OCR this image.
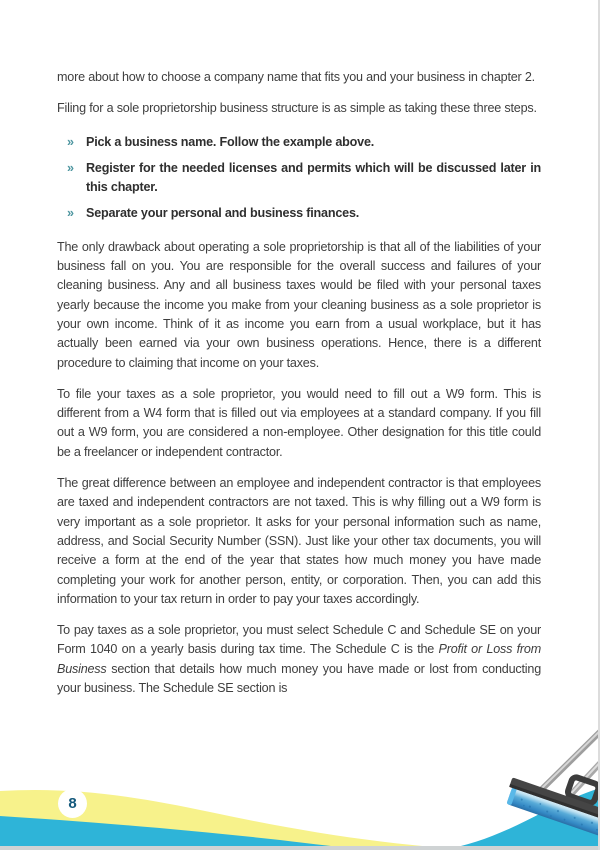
more about how to choose a company name that fits you and your business in chapter 2.

Filing for a sole proprietorship business structure is as simple as taking these three steps.

» Pick a business name. Follow the example above.
» Register for the needed licenses and permits which will be discussed later in this chapter.
» Separate your personal and business finances.

The only drawback about operating a sole proprietorship is that all of the liabilities of your business fall on you. You are responsible for the overall success and failures of your cleaning business. Any and all business taxes would be filed with your personal taxes yearly because the income you make from your cleaning business as a sole proprietor is your own income. Think of it as income you earn from a usual workplace, but it has actually been earned via your own business operations. Hence, there is a different procedure to claiming that income on your taxes.

To file your taxes as a sole proprietor, you would need to fill out a W9 form. This is different from a W4 form that is filled out via employees at a standard company. If you fill out a W9 form, you are considered a non-employee. Other designation for this title could be a freelancer or independent contractor.

The great difference between an employee and independent contractor is that employees are taxed and independent contractors are not taxed. This is why filling out a W9 form is very important as a sole proprietor. It asks for your personal information such as name, address, and Social Security Number (SSN). Just like your other tax documents, you will receive a form at the end of the year that states how much money you have made completing your work for another person, entity, or corporation. Then, you can add this information to your tax return in order to pay your taxes accordingly.

To pay taxes as a sole proprietor, you must select Schedule C and Schedule SE on your Form 1040 on a yearly basis during tax time. The Schedule C is the Profit or Loss from Business section that details how much money you have made or lost from conducting your business. The Schedule SE section is

8
